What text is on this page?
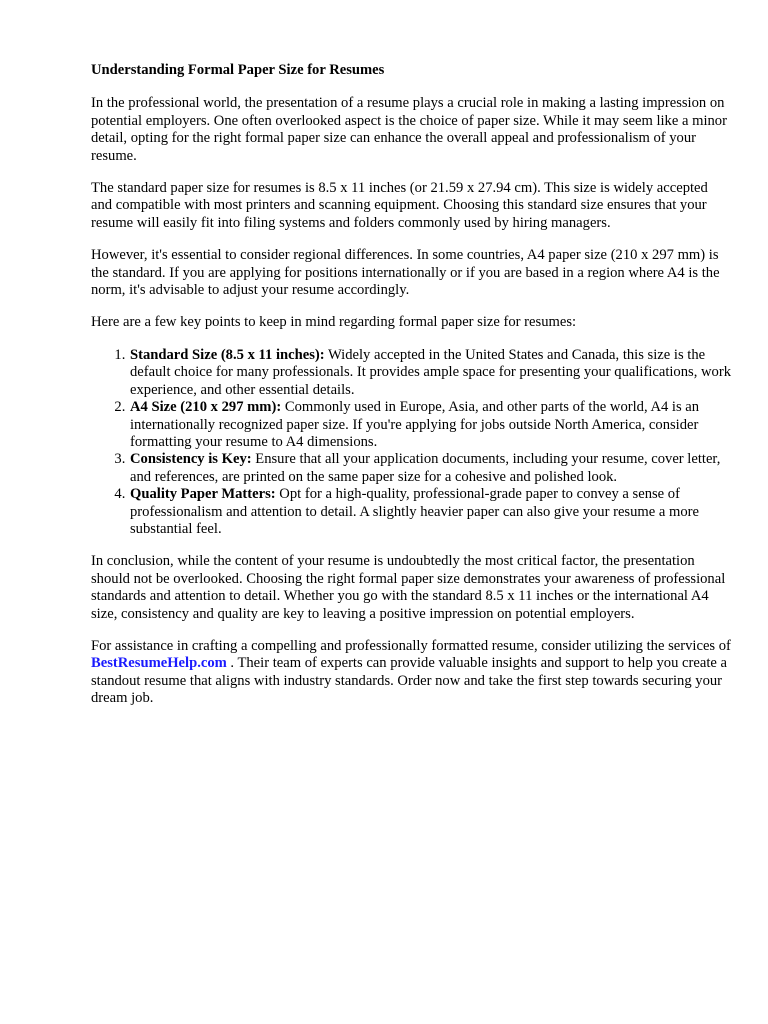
Understanding Formal Paper Size for Resumes

In the professional world, the presentation of a resume plays a crucial role in making a lasting impression on potential employers. One often overlooked aspect is the choice of paper size. While it may seem like a minor detail, opting for the right formal paper size can enhance the overall appeal and professionalism of your resume.

The standard paper size for resumes is 8.5 x 11 inches (or 21.59 x 27.94 cm). This size is widely accepted and compatible with most printers and scanning equipment. Choosing this standard size ensures that your resume will easily fit into filing systems and folders commonly used by hiring managers.

However, it's essential to consider regional differences. In some countries, A4 paper size (210 x 297 mm) is the standard. If you are applying for positions internationally or if you are based in a region where A4 is the norm, it's advisable to adjust your resume accordingly.

Here are a few key points to keep in mind regarding formal paper size for resumes:

1. Standard Size (8.5 x 11 inches): Widely accepted in the United States and Canada, this size is the default choice for many professionals. It provides ample space for presenting your qualifications, work experience, and other essential details.
2. A4 Size (210 x 297 mm): Commonly used in Europe, Asia, and other parts of the world, A4 is an internationally recognized paper size. If you're applying for jobs outside North America, consider formatting your resume to A4 dimensions.
3. Consistency is Key: Ensure that all your application documents, including your resume, cover letter, and references, are printed on the same paper size for a cohesive and polished look.
4. Quality Paper Matters: Opt for a high-quality, professional-grade paper to convey a sense of professionalism and attention to detail. A slightly heavier paper can also give your resume a more substantial feel.

In conclusion, while the content of your resume is undoubtedly the most critical factor, the presentation should not be overlooked. Choosing the right formal paper size demonstrates your awareness of professional standards and attention to detail. Whether you go with the standard 8.5 x 11 inches or the international A4 size, consistency and quality are key to leaving a positive impression on potential employers.

For assistance in crafting a compelling and professionally formatted resume, consider utilizing the services of BestResumeHelp.com . Their team of experts can provide valuable insights and support to help you create a standout resume that aligns with industry standards. Order now and take the first step towards securing your dream job.
